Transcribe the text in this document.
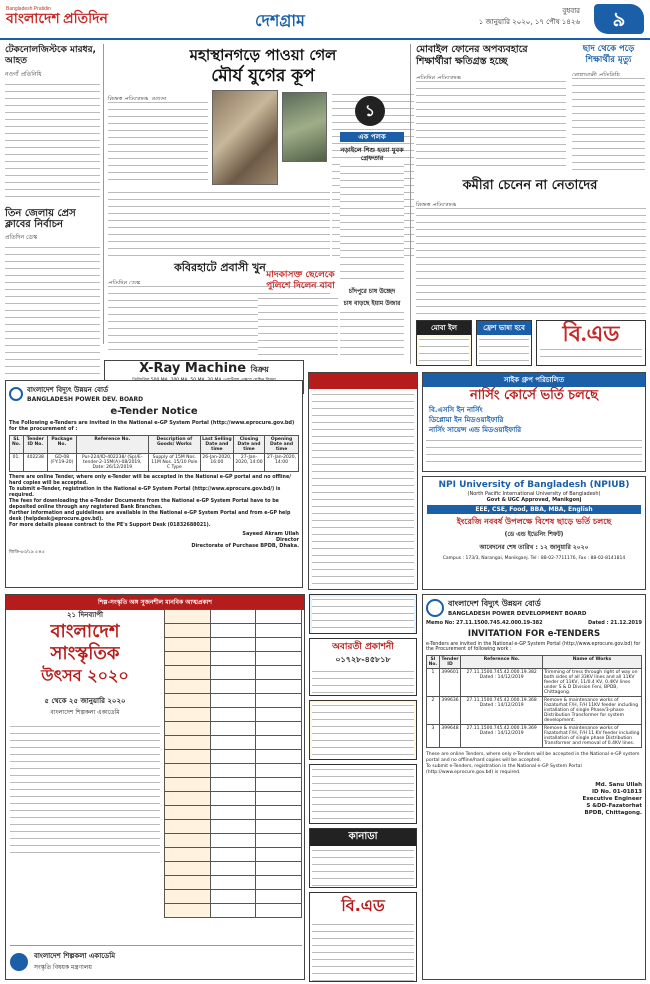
Bangladesh Pratidin
বাংলাদেশ প্রতিদিন	দেশগ্রাম	বুধবার
১ জানুয়ারি ২০২০, ১৭ পৌষ ১৪২৬	৯
টেকনোলজিস্টকে মারধর, আহত
নওগাঁ প্রতিনিধি
তিন জেলায় প্রেস ক্লাবের নির্বাচন
প্রতিদিন ডেস্ক
মহাস্থানগড়ে পাওয়া গেল
মৌর্য যুগের কূপ
কবিরহাটে প্রবাসী খুন
মাদকাসক্ত ছেলেকে পুলিশে দিলেন বাবা
১
এক পলক
নড়াইলে শিশু হত্যা যুবক গ্রেফতার
চাঁদপুরে চাষ উচ্ছেদ
চাষ বাড়ছে ইয়াম উজার
মোবাইল ফোনের অপব্যবহারে শিক্ষার্থীরা ক্ষতিগ্রস্ত হচ্ছে
ছাদ থেকে পড়ে শিক্ষার্থীর মৃত্যু
কমীরা চেনেন না নেতাদের
মোবা ইল	ফ্রেশ ভাষা হবে	বি.এড
X-Ray Machine বিক্রয়
বাংলাদেশ বিদ্যুৎ উন্নয়ন বোর্ড
BANGLADESH POWER DEV. BOARD
e-Tender Notice
The Following e-Tenders are invited in the National e-GP System Portal (http://www.eprocure.gov.bd) for the procurement of :
SL No.	Tender ID No.	Package No.	Reference No.	Description of Goods/ Works	Last Selling Date and time	Closing Date and time	Opening Date and time
01.	402238	GD-08 (FY:19-20)	Pur-224/ID-402238/ (Sp)/E-tender-2-15M(A)-08/2019, Date: 26/12/2019	Supply of 15M Nos. 11M Nos. 15/10 Pole C Type	26-Jan-2020, 16:00	27-Jan-2020, 14:00	27-Jan-2020, 14:00
There are online Tender, where only e-Tender will be accepted in the National e-GP portal and no offline/ hard copies will be accepted.
To submit e-Tender, registration in the National e-GP System Portal (http://www.eprocure.gov.bd/) is required.
The fees for downloading the e-Tender Documents from the National e-GP System Portal have to be deposited online through any registered Bank Branches.
Further information and guidelines are available in the National e-GP System Portal and from e-GP help desk (helpdesk@eprocure.gov.bd).
For more details please contract to the PE's Support Desk (01832688021).
Sayeed Akram Ullah
Director
Directorate of Purchase BPDB, Dhaka.
জিডি-৬৩/১৯ ৫×৫
সাইক গ্রুপ পরিচালিত
নার্সিং কোর্সে ভর্তি চলছে
বি.এসসি ইন নার্সিং
ডিপ্লোমা ইন মিডওয়াইফারি
নার্সিং সায়েন্স এন্ড মিডওয়াইফারি
NPI University of Bangladesh (NPIUB)
(North Pacific International University of Bangladesh)
Govt & UGC Approved, Manikgonj
EEE, CSE, Food, BBA, MBA, English
ইংরেজি নববর্ষ উপলক্ষে বিশেষ ছাড়ে ভর্তি চলছে
(ডে এন্ড ইভেনিং শিফট)
আবেদনের শেষ তারিখ : ১২ জানুয়ারি ২০২০
Campus : 173/3, Narangai, Manikganj. Tel : 88-02-7711176, Fax : 88-02-8141814
শিল্প-সংস্কৃতি অঙ্গ সুজনশীল মানবিক আত্মপ্রকাশ
২১ দিনব্যাপী
বাংলাদেশ
সাংস্কৃতিক
উৎসব ২০২০
৫ থেকে ২৫ জানুয়ারি ২০২০
বাংলাদেশ শিল্পকলা একাডেমি

বাংলাদেশ শিল্পকলা একাডেমি
সংস্কৃতি বিষয়ক মন্ত্রণালয়
অবারতী প্রকাশনী
০১৭২৮-৪৫৮১৮
কানাডা
বি.এড
বাংলাদেশ বিদ্যুৎ উন্নয়ন বোর্ড
BANGLADESH POWER DEVELOPMENT BOARD
Memo No: 27.11.1500.745.42.000.19-382	Dated : 21.12.2019
INVITATION FOR e-TENDERS
e-Tenders are invited in the National e-GP System Portal (http://www.eprocure.gov.bd) for the Procurement of following work :
Sl No.	Tender ID	Reference No.	Name of Works
1	399601	27.11.1500.745.42.000.19.382 Dated : 14/12/2019	Trimming of tress through right of way on both sides of all 33KV lines and all 11KV feeder of 11KV, 11/0.4 KV, 0.4KV lines under S & D Division Feni, BPDB, Chittagong.
2	399636	27.11.1500.745.42.000.19.368 Dated : 14/12/2019	Remove & maintenance works of Fazatorhat F/H, F/H 11KV feeder including installation of single Phase/3-phase Distribution Transformer for system development.
3	399648	27.11.1500.745.42.000.19.369 Dated : 14/12/2019	Remove & maintenance works of Fazatorhat F/H, F/H 11 KV feeder including installation of single phase Distribution Transformer and removal of 0.4KV lines.
These are online Tenders, where only e-Tenders will be accepted in the National e-GP system portal and no offline/hard copies will be accepted.
To submit e-Tenders, registration in the National e-GP System Portal (http://www.eprocure.gov.bd) is required.
Md. Sanu Ullah
ID No. 01-01813
Executive Engineer
S &DD-Fazatorhat
BPDB, Chittagong.
